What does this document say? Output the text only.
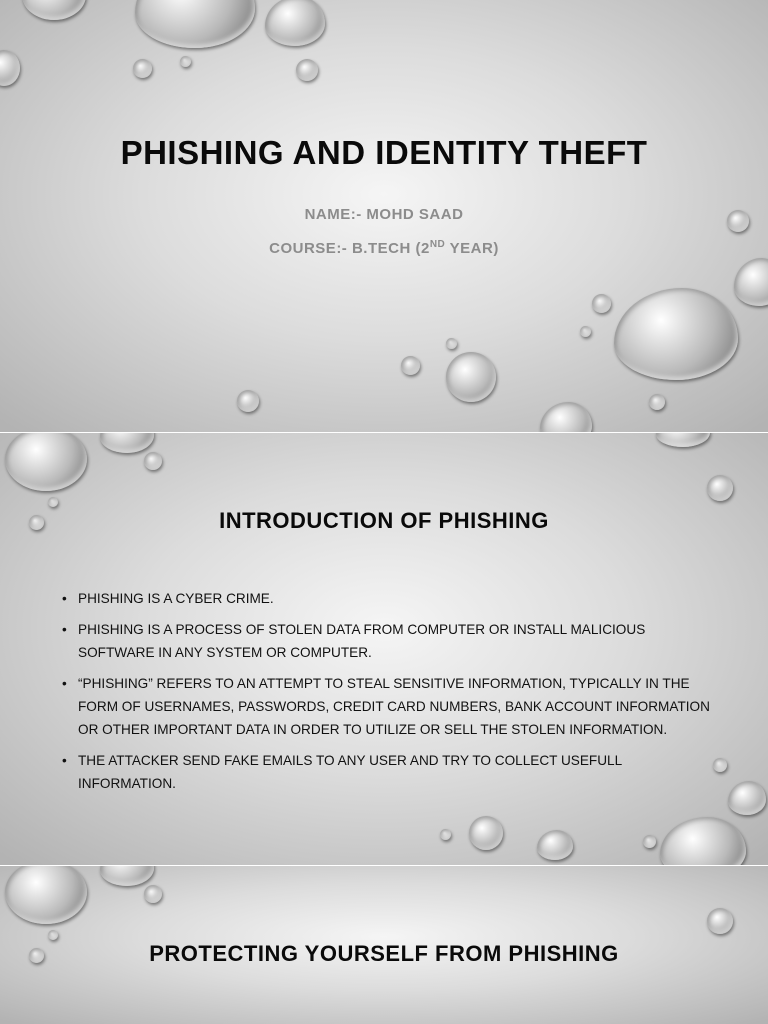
PHISHING AND IDENTITY THEFT
NAME:- MOHD SAAD
COURSE:- B.TECH (2ND YEAR)
INTRODUCTION OF PHISHING
• PHISHING IS A CYBER CRIME.
• PHISHING IS A PROCESS OF STOLEN DATA FROM COMPUTER OR INSTALL MALICIOUS SOFTWARE IN ANY SYSTEM OR COMPUTER.
• “PHISHING” REFERS TO AN ATTEMPT TO STEAL SENSITIVE INFORMATION, TYPICALLY IN THE FORM OF USERNAMES, PASSWORDS, CREDIT CARD NUMBERS, BANK ACCOUNT INFORMATION OR OTHER IMPORTANT DATA IN ORDER TO UTILIZE OR SELL THE STOLEN INFORMATION.
• THE ATTACKER SEND FAKE EMAILS TO ANY USER AND TRY TO COLLECT USEFULL INFORMATION.
PROTECTING YOURSELF FROM PHISHING
